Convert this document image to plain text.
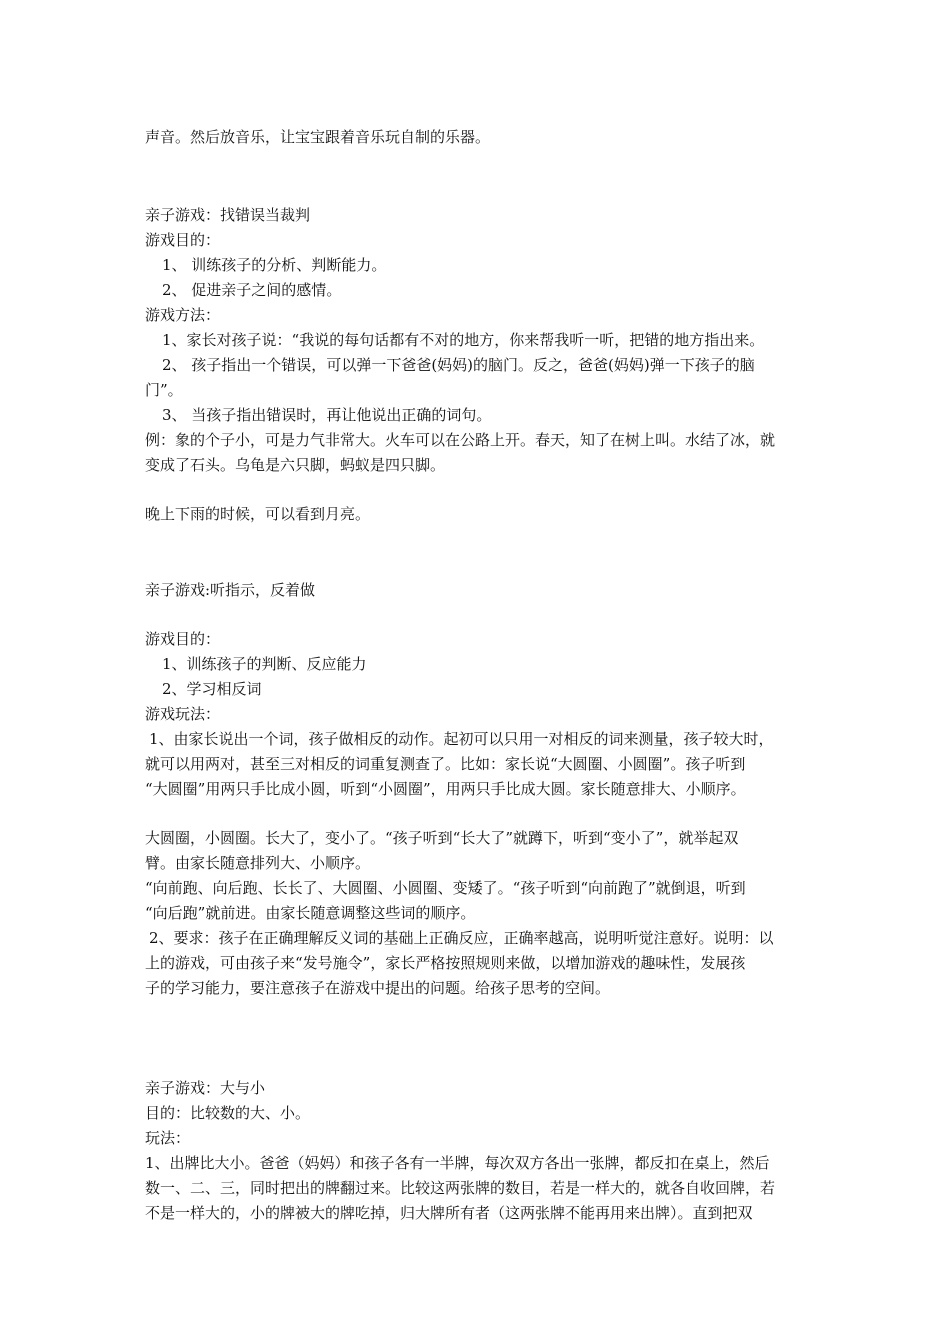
声音。然后放音乐，让宝宝跟着音乐玩自制的乐器。
亲子游戏：找错误当裁判
游戏目的：
1、 训练孩子的分析、判断能力。
2、 促进亲子之间的感情。
游戏方法：
1、家长对孩子说：“我说的每句话都有不对的地方，你来帮我听一听，把错的地方指出来。
2、 孩子指出一个错误，可以弹一下爸爸(妈妈)的脑门。反之，爸爸(妈妈)弹一下孩子的脑
门”。
3、 当孩子指出错误时，再让他说出正确的词句。
例：象的个子小，可是力气非常大。火车可以在公路上开。春天，知了在树上叫。水结了冰，就
变成了石头。乌龟是六只脚，蚂蚁是四只脚。
晚上下雨的时候，可以看到月亮。
亲子游戏:听指示，反着做
游戏目的：
1、训练孩子的判断、反应能力
2、学习相反词
游戏玩法：
1、由家长说出一个词，孩子做相反的动作。起初可以只用一对相反的词来测量，孩子较大时，
就可以用两对，甚至三对相反的词重复测查了。比如：家长说“大圆圈、小圆圈”。孩子听到
“大圆圈”用两只手比成小圆，听到“小圆圈”，用两只手比成大圆。家长随意排大、小顺序。
大圆圈，小圆圈。长大了，变小了。“孩子听到“长大了”就蹲下，听到“变小了”，就举起双
臂。由家长随意排列大、小顺序。
“向前跑、向后跑、长长了、大圆圈、小圆圈、变矮了。“孩子听到“向前跑了”就倒退，听到
“向后跑”就前进。由家长随意调整这些词的顺序。
2、要求：孩子在正确理解反义词的基础上正确反应，正确率越高，说明听觉注意好。说明：以
上的游戏，可由孩子来“发号施令”，家长严格按照规则来做，以增加游戏的趣味性，发展孩
子的学习能力，要注意孩子在游戏中提出的问题。给孩子思考的空间。
亲子游戏：大与小
目的：比较数的大、小。
玩法：
1、出牌比大小。爸爸（妈妈）和孩子各有一半牌，每次双方各出一张牌，都反扣在桌上，然后
数一、二、三，同时把出的牌翻过来。比较这两张牌的数目，若是一样大的，就各自收回牌，若
不是一样大的，小的牌被大的牌吃掉，归大牌所有者（这两张牌不能再用来出牌）。直到把双
